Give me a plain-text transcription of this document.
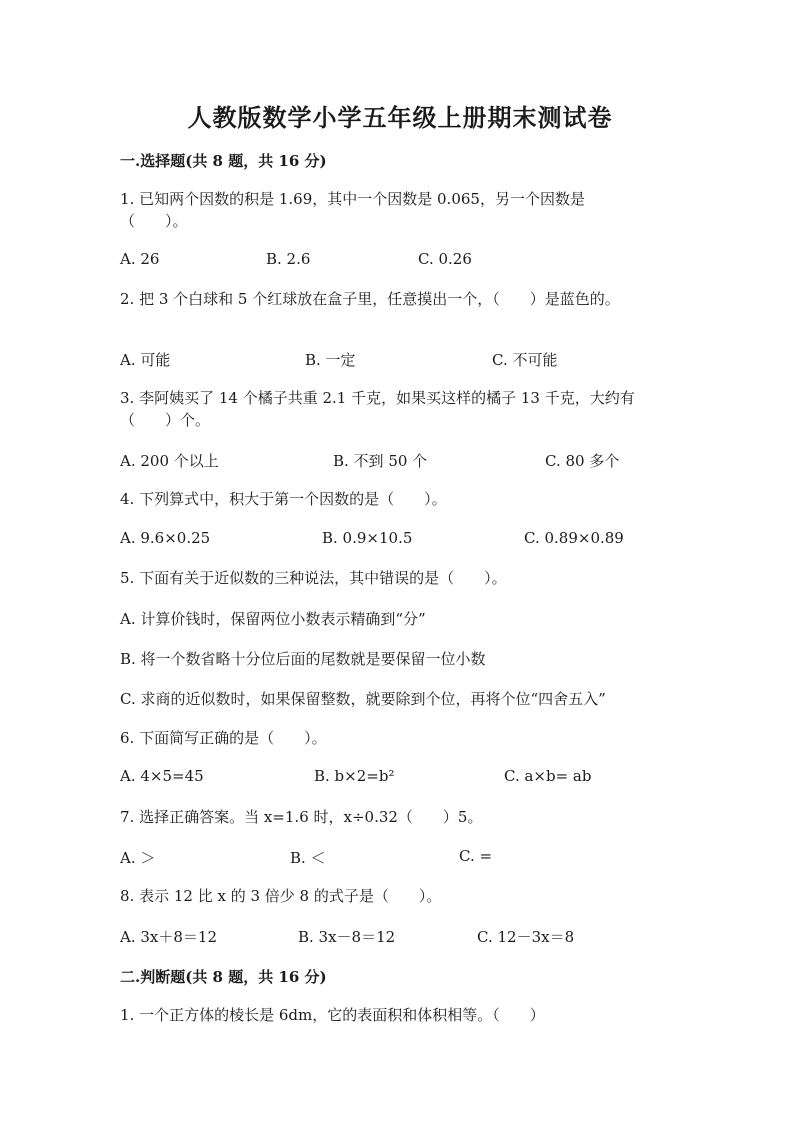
人教版数学小学五年级上册期末测试卷
一.选择题(共 8 题，共 16 分)
1. 已知两个因数的积是 1.69，其中一个因数是 0.065，另一个因数是
（　　）。
A. 26	B. 2.6	C. 0.26
2. 把 3 个白球和 5 个红球放在盒子里，任意摸出一个，（　　）是蓝色的。
A. 可能	B. 一定	C. 不可能
3. 李阿姨买了 14 个橘子共重 2.1 千克，如果买这样的橘子 13 千克，大约有
（　　）个。
A. 200 个以上	B. 不到 50 个	C. 80 多个
4. 下列算式中，积大于第一个因数的是（　　）。
A. 9.6×0.25	B. 0.9×10.5	C. 0.89×0.89
5. 下面有关于近似数的三种说法，其中错误的是（　　）。
A. 计算价钱时，保留两位小数表示精确到“分”
B. 将一个数省略十分位后面的尾数就是要保留一位小数
C. 求商的近似数时，如果保留整数，就要除到个位，再将个位“四舍五入”
6. 下面简写正确的是（　　）。
A. 4×5=45	B. b×2=b²	C. a×b= ab
7. 选择正确答案。当 x=1.6 时，x÷0.32（　　）5。
A. ＞	B. ＜	C. =
8. 表示 12 比 x 的 3 倍少 8 的式子是（　　）。
A. 3x＋8＝12	B. 3x－8＝12	C. 12－3x＝8
二.判断题(共 8 题，共 16 分)
1. 一个正方体的棱长是 6dm，它的表面积和体积相等。（　　）
